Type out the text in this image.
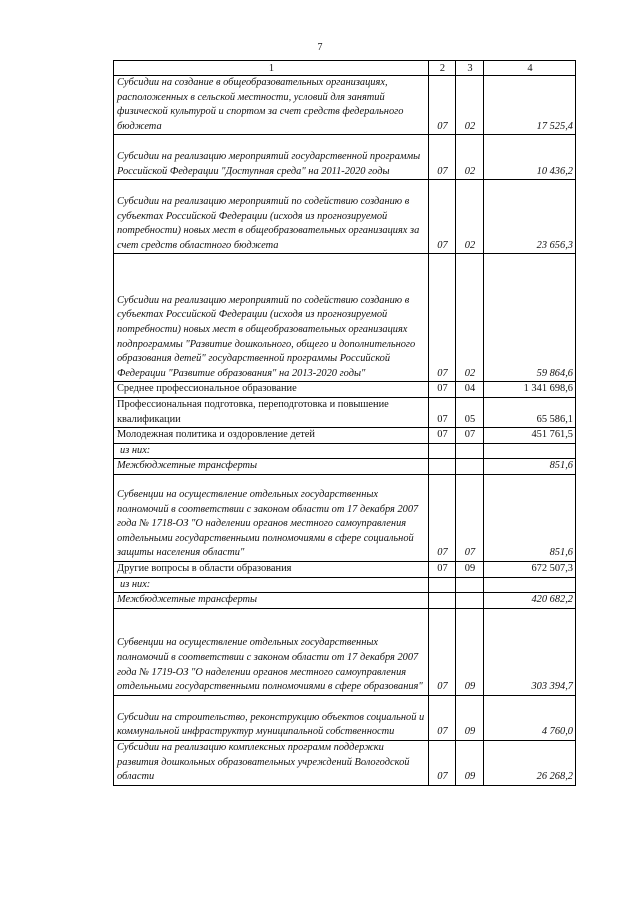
7
1	2	3	4
Субсидии на создание в общеобразовательных организациях, расположенных в сельской местности, условий для занятий физической культурой и спортом за счет средств федерального бюджета	07	02	17 525,4
Субсидии на реализацию мероприятий государственной программы Российской Федерации "Доступная среда" на 2011-2020 годы	07	02	10 436,2
Субсидии на реализацию мероприятий по содействию созданию в субъектах Российской Федерации (исходя из прогнозируемой потребности) новых мест в общеобразовательных организациях за счет средств областного бюджета	07	02	23 656,3
Субсидии на реализацию мероприятий по содействию созданию в субъектах Российской Федерации (исходя из прогнозируемой потребности) новых мест в общеобразовательных организациях подпрограммы "Развитие дошкольного, общего и дополнительного образования детей" государственной программы Российской Федерации "Развитие образования" на 2013-2020 годы"	07	02	59 864,6
Среднее профессиональное образование	07	04	1 341 698,6
Профессиональная подготовка, переподготовка и повышение квалификации	07	05	65 586,1
Молодежная политика и оздоровление детей	07	07	451 761,5
из них:			
Межбюджетные трансферты			851,6
Субвенции на осуществление отдельных государственных полномочий в соответствии с законом области от 17 декабря 2007 года № 1718-ОЗ "О наделении органов местного самоуправления отдельными государственными полномочиями в сфере социальной защиты населения области"	07	07	851,6
Другие вопросы в области образования	07	09	672 507,3
из них:			
Межбюджетные трансферты			420 682,2
Субвенции на осуществление отдельных государственных полномочий в соответствии с законом области от 17 декабря 2007 года № 1719-ОЗ "О наделении органов местного самоуправления отдельными государственными полномочиями в сфере образования"	07	09	303 394,7
Субсидии на строительство, реконструкцию объектов социальной и коммунальной инфраструктур муниципальной собственности	07	09	4 760,0
Субсидии на реализацию комплексных программ поддержки развития дошкольных образовательных учреждений Вологодской области	07	09	26 268,2
